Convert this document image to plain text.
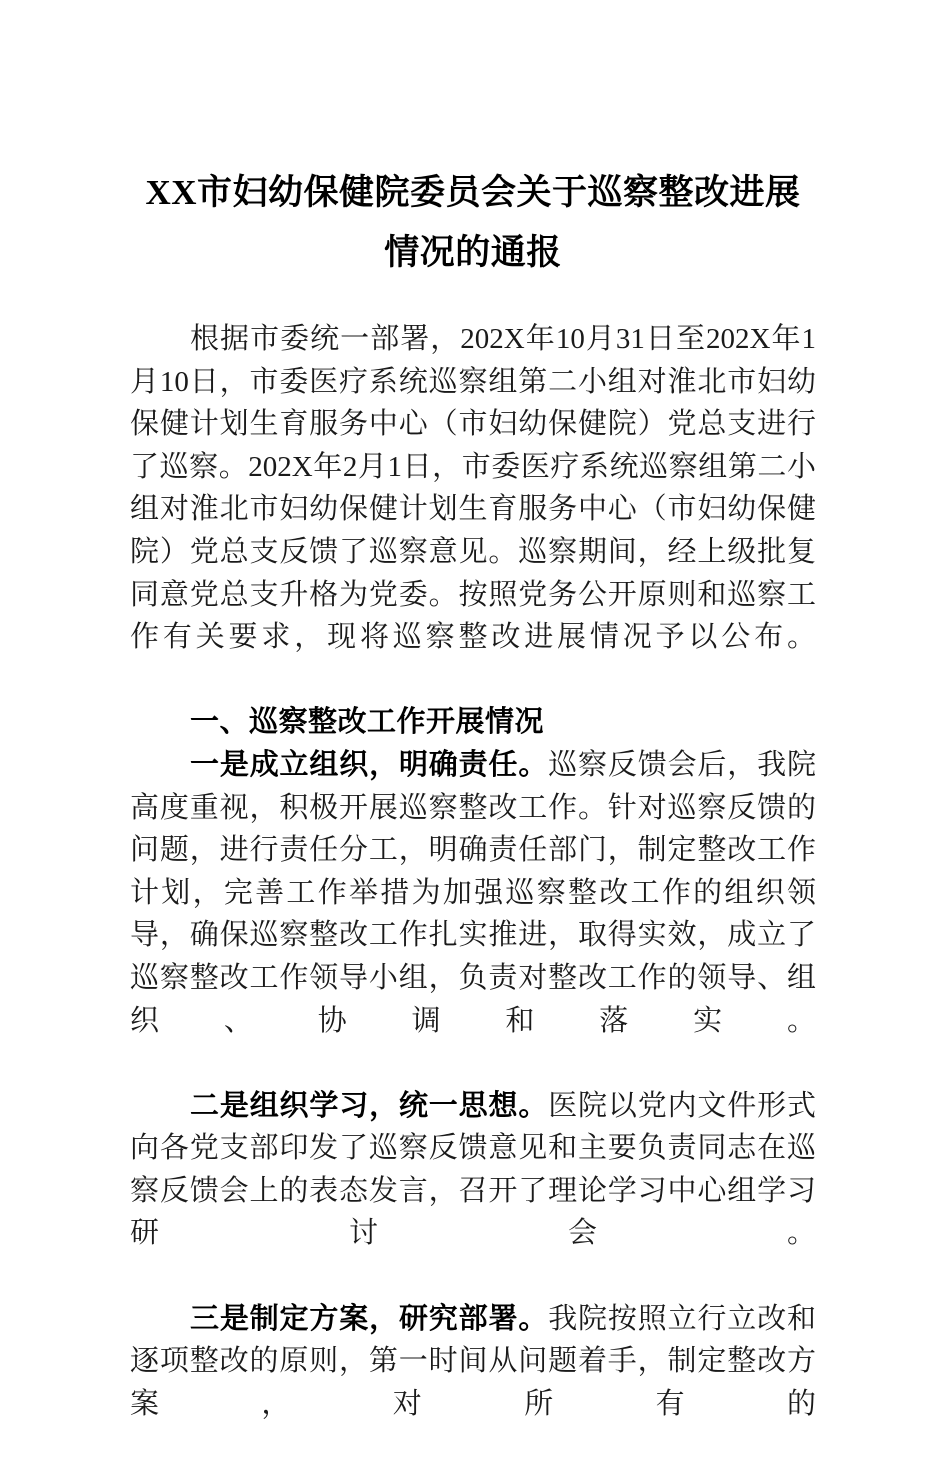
XX市妇幼保健院委员会关于巡察整改进展情况的通报

根据市委统一部署，202X年10月31日至202X年1月10日，市委医疗系统巡察组第二小组对淮北市妇幼保健计划生育服务中心（市妇幼保健院）党总支进行了巡察。202X年2月1日，市委医疗系统巡察组第二小组对淮北市妇幼保健计划生育服务中心（市妇幼保健院）党总支反馈了巡察意见。巡察期间，经上级批复同意党总支升格为党委。按照党务公开原则和巡察工作有关要求，现将巡察整改进展情况予以公布。

一、巡察整改工作开展情况

一是成立组织，明确责任。巡察反馈会后，我院高度重视，积极开展巡察整改工作。针对巡察反馈的问题，进行责任分工，明确责任部门，制定整改工作计划，完善工作举措为加强巡察整改工作的组织领导，确保巡察整改工作扎实推进，取得实效，成立了巡察整改工作领导小组，负责对整改工作的领导、组织、协调和落实。

二是组织学习，统一思想。医院以党内文件形式向各党支部印发了巡察反馈意见和主要负责同志在巡察反馈会上的表态发言，召开了理论学习中心组学习研讨会。

三是制定方案，研究部署。我院按照立行立改和逐项整改的原则，第一时间从问题着手，制定整改方案，对所有的
